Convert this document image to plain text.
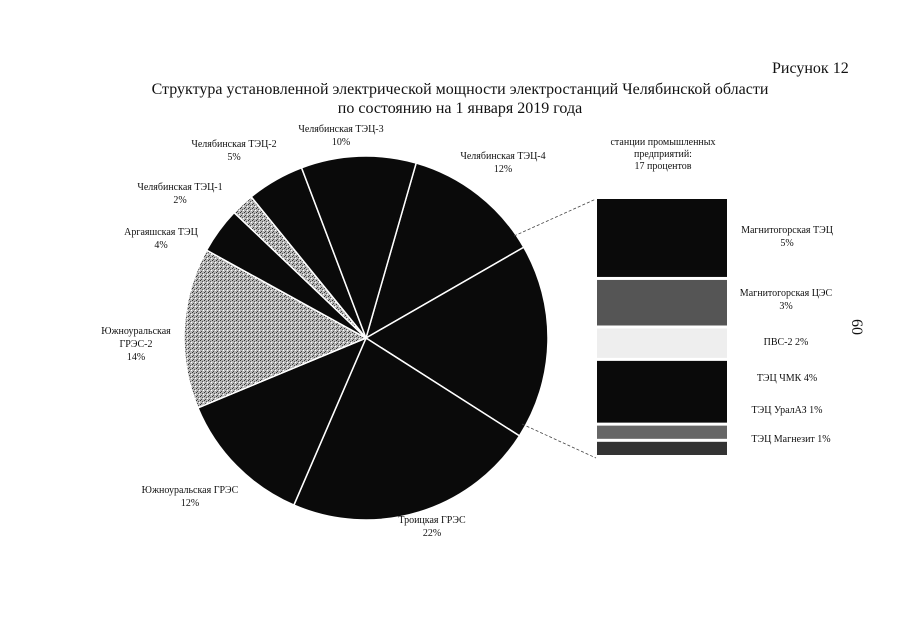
Рисунок 12
Структура установленной электрической мощности электростанций Челябинской области
по состоянию на 1 января 2019 года
60
Челябинская ТЭЦ-4
12%
станции промышленных
предприятий:
17 процентов
Троицкая ГРЭС
22%
Южноуральская ГРЭС
12%
Южноуральская
ГРЭС-2
14%
Аргаяшская ТЭЦ
4%
Челябинская ТЭЦ-1
2%
Челябинская ТЭЦ-2
5%
Челябинская ТЭЦ-3
10%
Магнитогорская ТЭЦ
5%
Магнитогорская ЦЭС
3%
ПВС-2 2%
ТЭЦ ЧМК 4%
ТЭЦ УралАЗ 1%
ТЭЦ Магнезит 1%
